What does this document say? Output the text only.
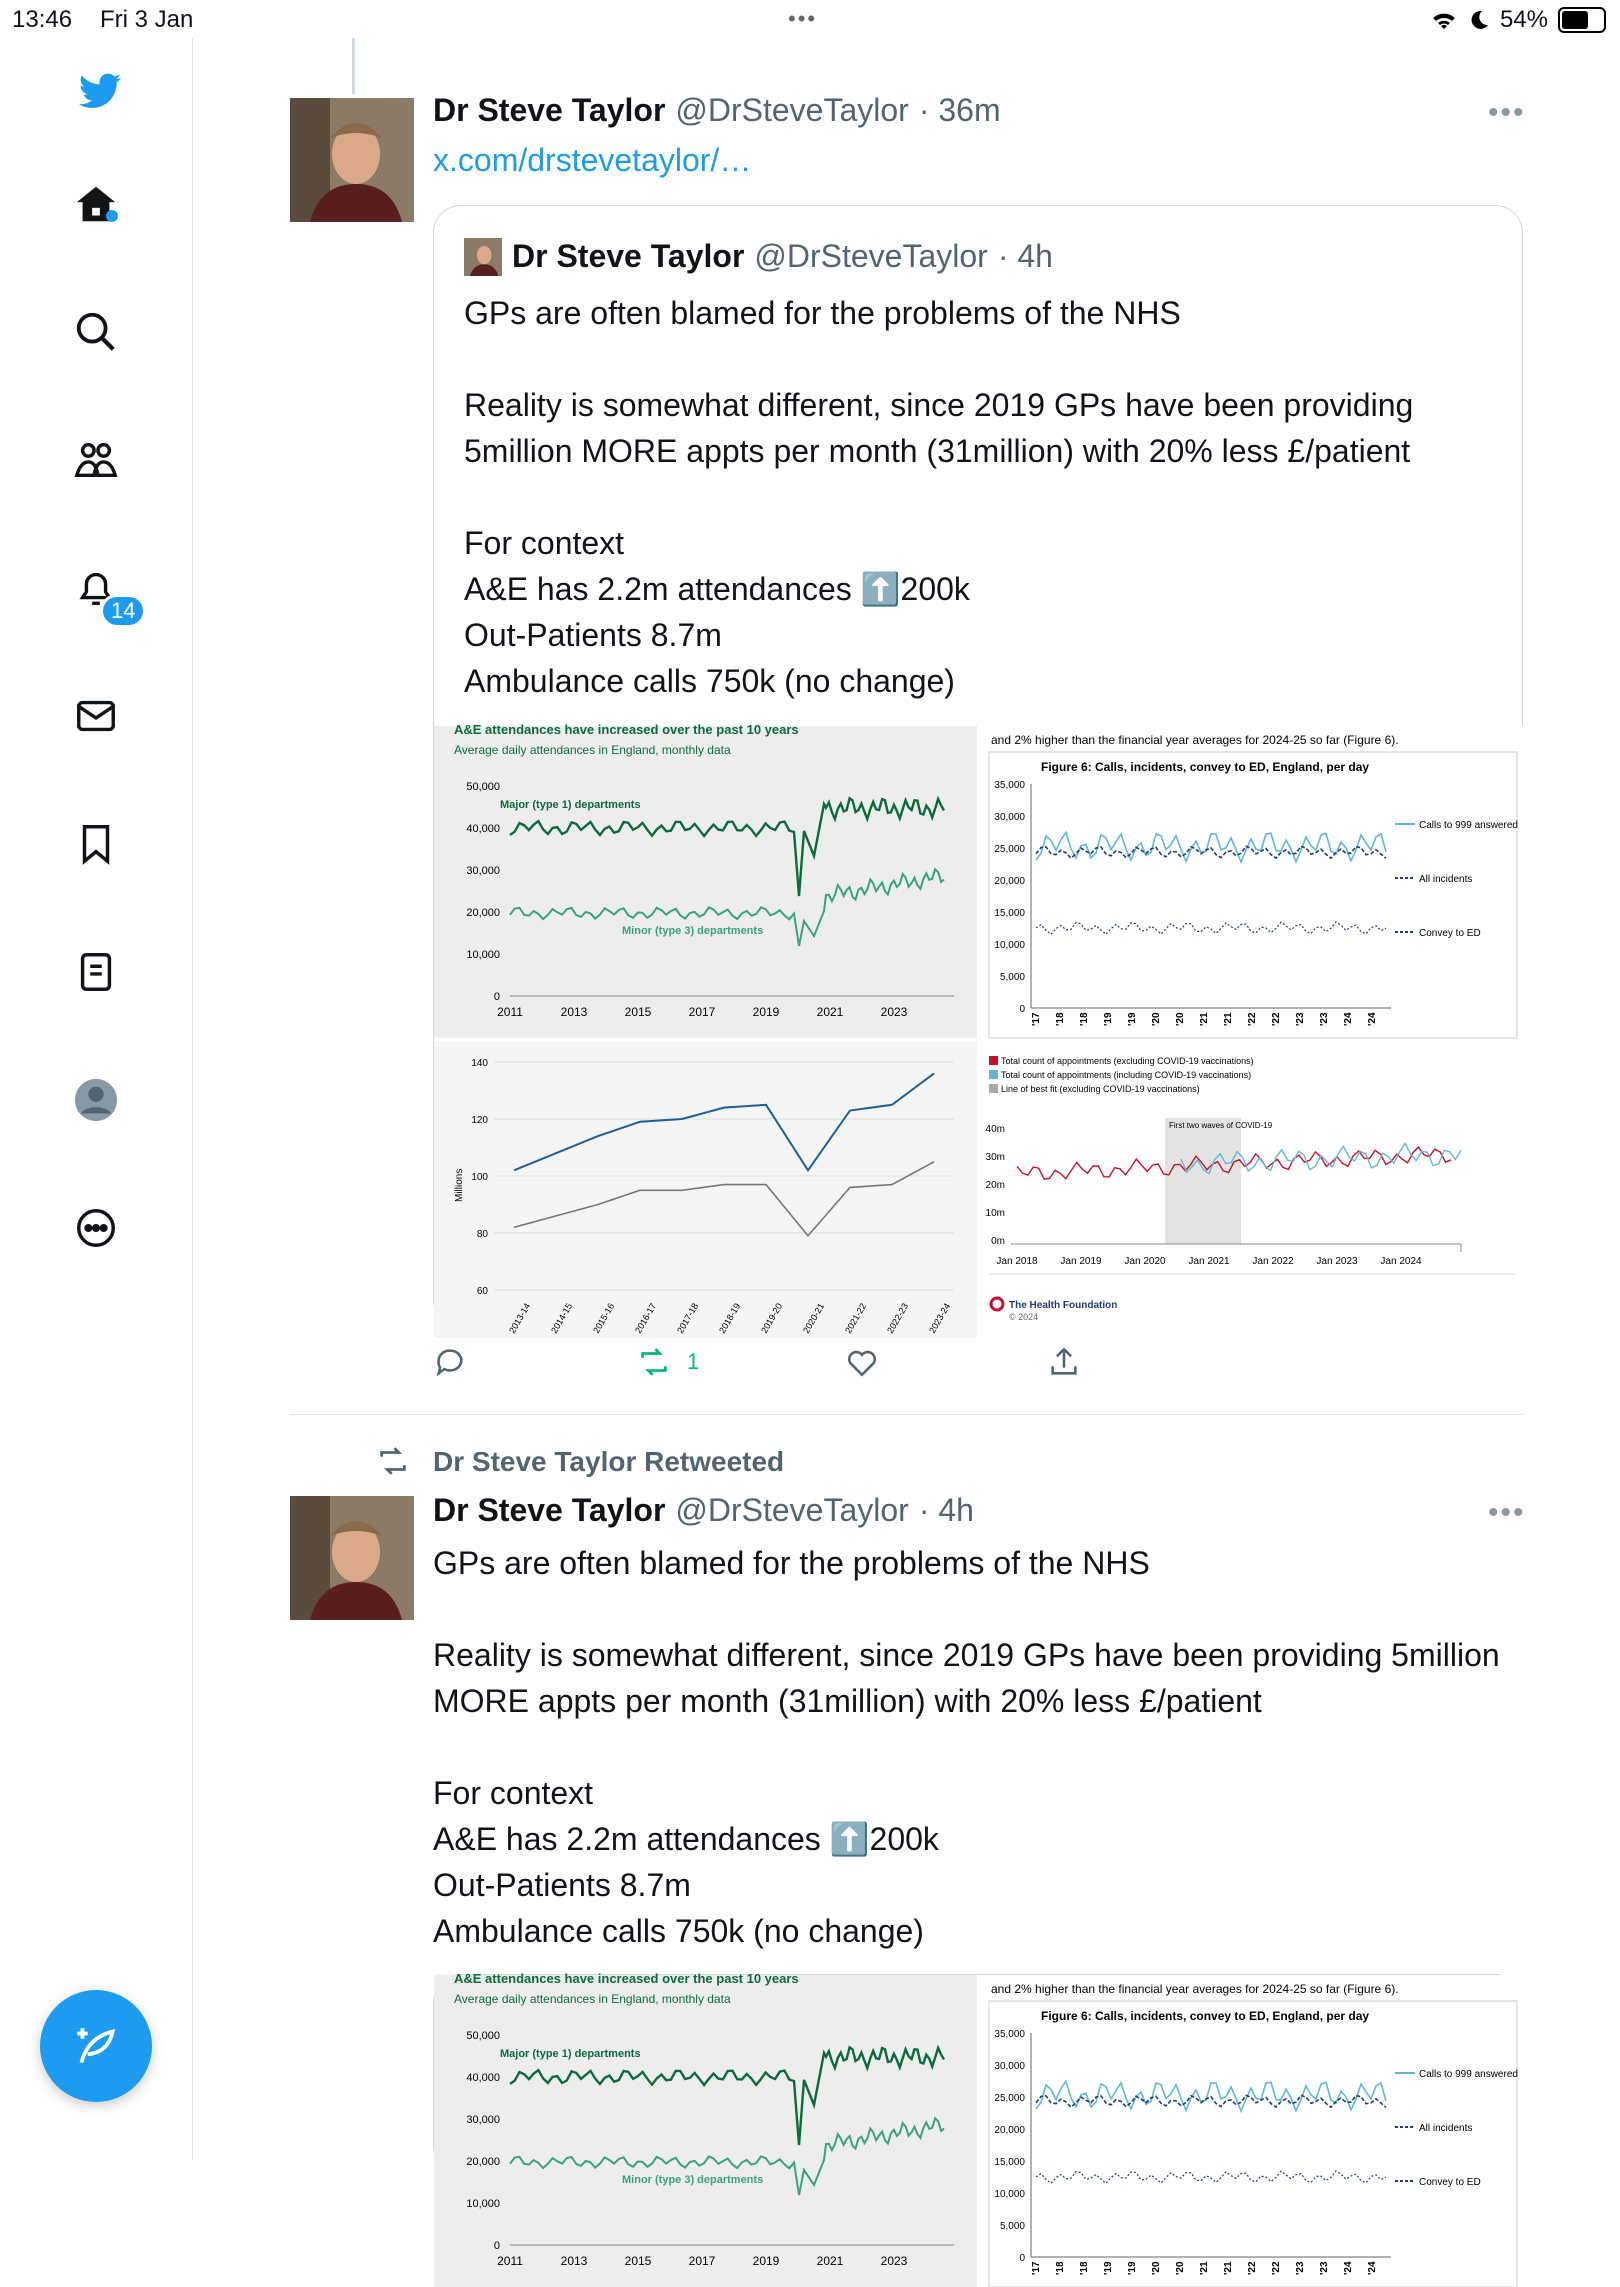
13:46 Fri 3 Jan	•••	54%
14
Dr Steve Taylor @DrSteveTaylor · 36m	•••
x.com/drstevetaylor/…
Dr Steve Taylor @DrSteveTaylor · 4h
GPs are often blamed for the problems of the NHS

Reality is somewhat different, since 2019 GPs have been providing 5million MORE appts per month (31million) with 20% less £/patient

For context
A&E has 2.2m attendances ⬆️200k
Out-Patients 8.7m
Ambulance calls 750k (no change)
A&E attendances have increased over the past 10 years
Average daily attendances in England, monthly data
50,000
40,000
30,000
20,000
10,000
0
2011	2013	2015	2017	2019	2021	2023
Major (type 1) departments
Minor (type 3) departments
and 2% higher than the financial year averages for 2024-25 so far (Figure 6).
Figure 6: Calls, incidents, convey to ED, England, per day
35,000
30,000
25,000
20,000
15,000
10,000
5,000
0
'17 '18 '18 '19 '19 '20 '20 '21 '21 '22 '22 '23 '23 '24 '24
Calls to 999 answered
All incidents
Convey to ED
Millions
140
120
100
80
60
2013-14 2014-15 2015-16 2016-17 2017-18 2018-19 2019-20 2020-21 2021-22 2022-23 2023-24
Total count of appointments (excluding COVID-19 vaccinations)
Total count of appointments (including COVID-19 vaccinations)
Line of best fit (excluding COVID-19 vaccinations)
First two waves of COVID-19
40m
30m
20m
10m
0m
Jan 2018 Jan 2019 Jan 2020 Jan 2021 Jan 2022 Jan 2023 Jan 2024
The Health Foundation
© 2024
1
Dr Steve Taylor Retweeted
Dr Steve Taylor @DrSteveTaylor · 4h	•••
GPs are often blamed for the problems of the NHS

Reality is somewhat different, since 2019 GPs have been providing 5million MORE appts per month (31million) with 20% less £/patient

For context
A&E has 2.2m attendances ⬆️200k
Out-Patients 8.7m
Ambulance calls 750k (no change)
A&E attendances have increased over the past 10 years
Average daily attendances in England, monthly data
50,000
40,000
30,000
20,000
10,000
0
2011	2013	2015	2017	2019	2021	2023
Major (type 1) departments
Minor (type 3) departments
and 2% higher than the financial year averages for 2024-25 so far (Figure 6).
Figure 6: Calls, incidents, convey to ED, England, per day
35,000
30,000
25,000
20,000
15,000
10,000
5,000
0
'17 '18 '18 '19 '19 '20 '20 '21 '21 '22 '22 '23 '23 '24 '24
Calls to 999 answered
All incidents
Convey to ED
